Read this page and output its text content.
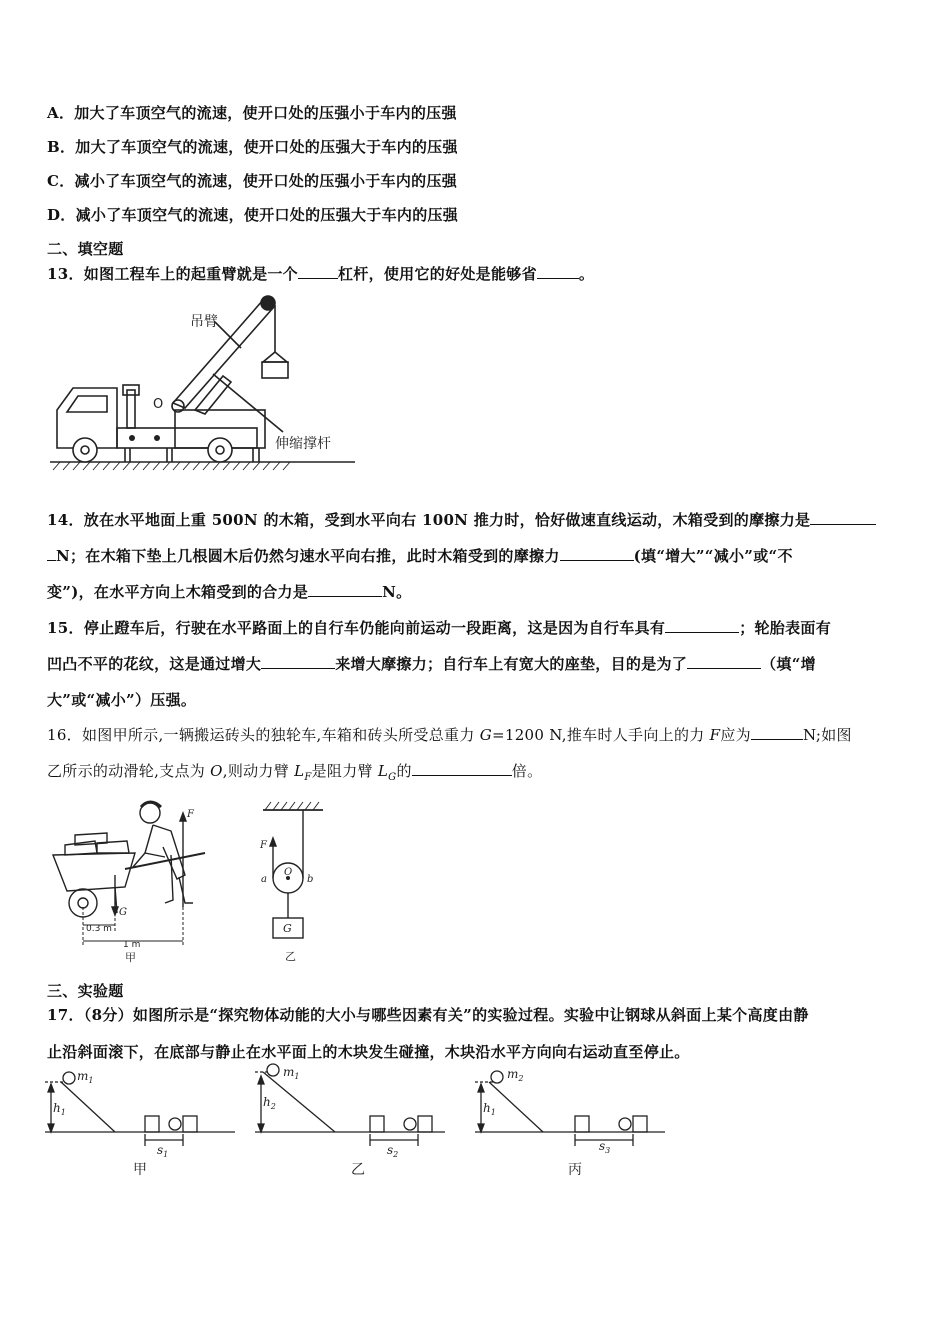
A．加大了车顶空气的流速，使开口处的压强小于车内的压强
B．加大了车顶空气的流速，使开口处的压强大于车内的压强
C．减小了车顶空气的流速，使开口处的压强小于车内的压强
D．减小了车顶空气的流速，使开口处的压强大于车内的压强
二、填空题
13．如图工程车上的起重臂就是一个	杠杆，使用它的好处是能够省	。
吊臂
O
伸缩撑杆
14．放在水平地面上重 500N 的木箱，受到水平向右 100N 推力时，恰好做速直线运动，木箱受到的摩擦力是
N；在木箱下垫上几根圆木后仍然匀速水平向右推，此时木箱受到的摩擦力	(填“增大”“减小”或“不
变”)，在水平方向上木箱受到的合力是	N。
15．停止蹬车后，行驶在水平路面上的自行车仍能向前运动一段距离，这是因为自行车具有	；轮胎表面有
凹凸不平的花纹，这是通过增大	来增大摩擦力；自行车上有宽大的座垫，目的是为了	（填“增
大”或“减小”）压强。
16．如图甲所示,一辆搬运砖头的独轮车,车箱和砖头所受总重力 G=1200 N,推车时人手向上的力 F应为	N;如图
乙所示的动滑轮,支点为 O,则动力臂 $L_F$是阻力臂 $L_G$的	倍。
F
G
0.3 m
1 m
甲
F
O
a	b
G
乙
三、实验题
17．（8分）如图所示是“探究物体动能的大小与哪些因素有关”的实验过程。实验中让钢球从斜面上某个高度由静
止沿斜面滚下，在底部与静止在水平面上的木块发生碰撞，木块沿水平方向向右运动直至停止。
$m_1$
$h_1$
$s_1$
甲
$m_1$
$h_2$
$s_2$
乙
$m_2$
$h_1$
$s_3$
丙
